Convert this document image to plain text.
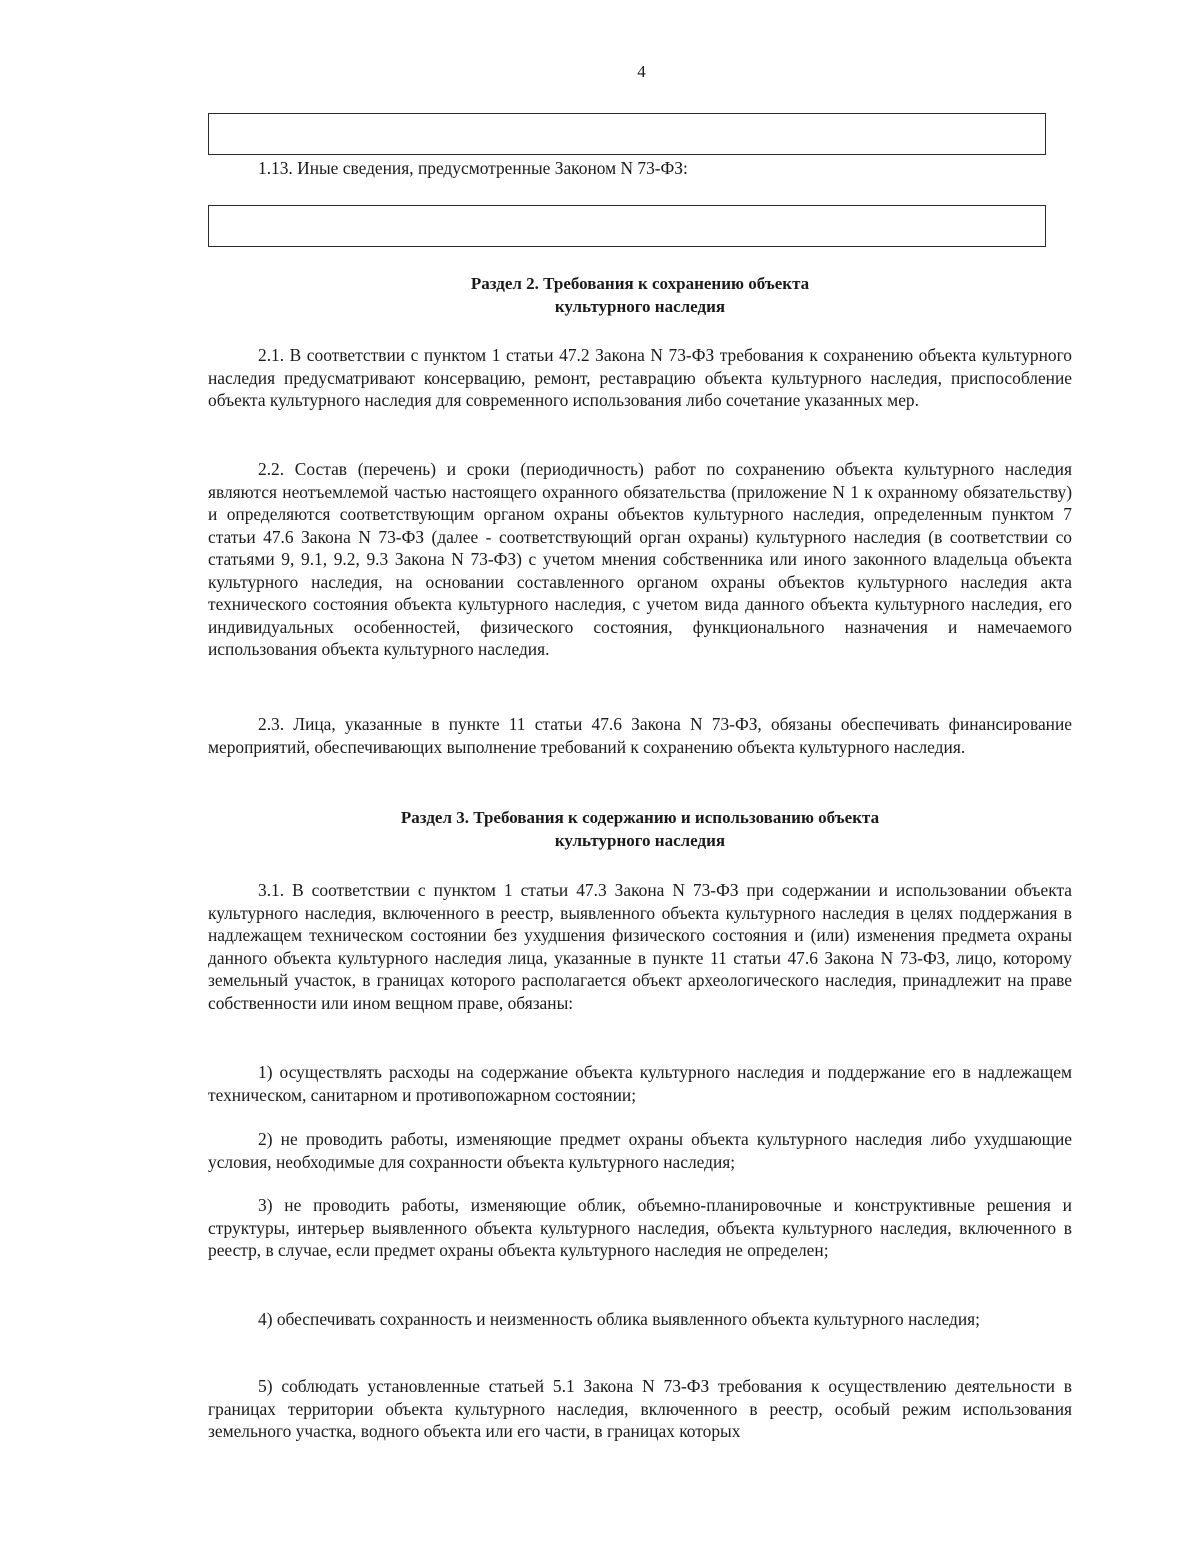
4
1.13. Иные сведения, предусмотренные Законом N 73-ФЗ:
Раздел 2. Требования к сохранению объекта
культурного наследия

2.1. В соответствии с пунктом 1 статьи 47.2 Закона N 73-ФЗ требования к сохранению объекта культурного наследия предусматривают консервацию, ремонт, реставрацию объекта культурного наследия, приспособление объекта культурного наследия для современного использования либо сочетание указанных мер.

2.2. Состав (перечень) и сроки (периодичность) работ по сохранению объекта культурного наследия являются неотъемлемой частью настоящего охранного обязательства (приложение N 1 к охранному обязательству) и определяются соответствующим органом охраны объектов культурного наследия, определенным пунктом 7 статьи 47.6 Закона N 73-ФЗ (далее - соответствующий орган охраны) культурного наследия (в соответствии со статьями 9, 9.1, 9.2, 9.3 Закона N 73-ФЗ) с учетом мнения собственника или иного законного владельца объекта культурного наследия, на основании составленного органом охраны объектов культурного наследия акта технического состояния объекта культурного наследия, с учетом вида данного объекта культурного наследия, его индивидуальных особенностей, физического состояния, функционального назначения и намечаемого использования объекта культурного наследия.

2.3. Лица, указанные в пункте 11 статьи 47.6 Закона N 73-ФЗ, обязаны обеспечивать финансирование мероприятий, обеспечивающих выполнение требований к сохранению объекта культурного наследия.

Раздел 3. Требования к содержанию и использованию объекта
культурного наследия

3.1. В соответствии с пунктом 1 статьи 47.3 Закона N 73-ФЗ при содержании и использовании объекта культурного наследия, включенного в реестр, выявленного объекта культурного наследия в целях поддержания в надлежащем техническом состоянии без ухудшения физического состояния и (или) изменения предмета охраны данного объекта культурного наследия лица, указанные в пункте 11 статьи 47.6 Закона N 73-ФЗ, лицо, которому земельный участок, в границах которого располагается объект археологического наследия, принадлежит на праве собственности или ином вещном праве, обязаны:

1) осуществлять расходы на содержание объекта культурного наследия и поддержание его в надлежащем техническом, санитарном и противопожарном состоянии;

2) не проводить работы, изменяющие предмет охраны объекта культурного наследия либо ухудшающие условия, необходимые для сохранности объекта культурного наследия;

3) не проводить работы, изменяющие облик, объемно-планировочные и конструктивные решения и структуры, интерьер выявленного объекта культурного наследия, объекта культурного наследия, включенного в реестр, в случае, если предмет охраны объекта культурного наследия не определен;

4) обеспечивать сохранность и неизменность облика выявленного объекта культурного наследия;

5) соблюдать установленные статьей 5.1 Закона N 73-ФЗ требования к осуществлению деятельности в границах территории объекта культурного наследия, включенного в реестр, особый режим использования земельного участка, водного объекта или его части, в границах которых
